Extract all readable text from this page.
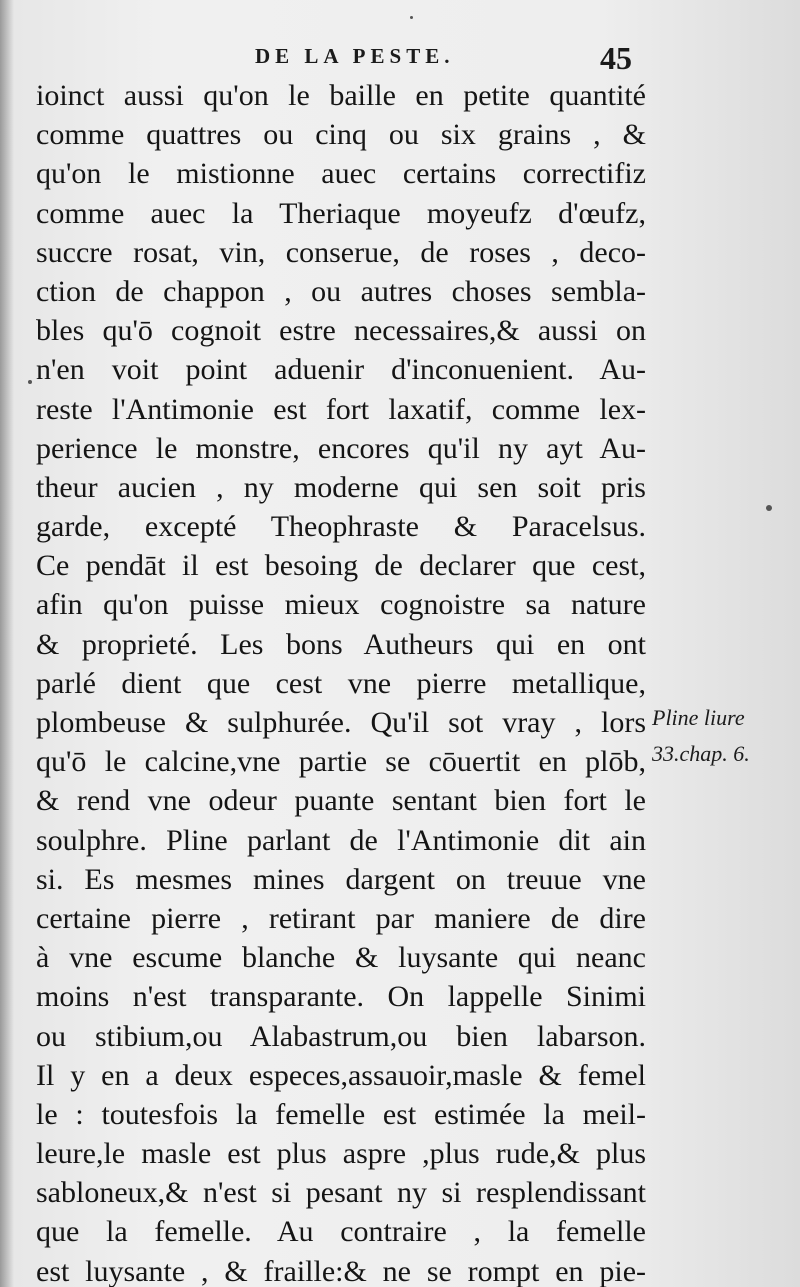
DE LA PESTE.	45
ioinct aussi qu'on le baille en petite quantité
comme quattres ou cinq ou six grains , &
qu'on le mistionne auec certains correctifiz
comme auec la Theriaque moyeufz d'œufz,
succre rosat, vin, conserue, de roses , deco-
ction de chappon , ou autres choses sembla-
bles qu'ō cognoit estre necessaires,& aussi on
n'en voit point aduenir d'inconuenient. Au-
reste l'Antimonie est fort laxatif, comme lex-
perience le monstre, encores qu'il ny ayt Au-
theur aucien , ny moderne qui sen soit pris
garde, excepté Theophraste & Paracelsus.
Ce pendāt il est besoing de declarer que cest,
afin qu'on puisse mieux cognoistre sa nature
& proprieté. Les bons Autheurs qui en ont
parlé dient que cest vne pierre metallique,
plombeuse & sulphurée. Qu'il sot vray , lors
qu'ō le calcine,vne partie se cōuertit en plōb,
& rend vne odeur puante sentant bien fort le
soulphre. Pline parlant de l'Antimonie dit ain
si. Es mesmes mines dargent on treuue vne
certaine pierre , retirant par maniere de dire
à vne escume blanche & luysante qui neanc
moins n'est transparante. On lappelle Sinimi
ou stibium,ou Alabastrum,ou bien labarson.
Il y en a deux especes,assauoir,masle & femel
le : toutesfois la femelle est estimée la meil-
leure,le masle est plus aspre ,plus rude,& plus
sabloneux,& n'est si pesant ny si resplendissant
que la femelle. Au contraire , la femelle
est luysante , & fraille:& ne se rompt en pie-
Pline liure
33.chap. 6.
